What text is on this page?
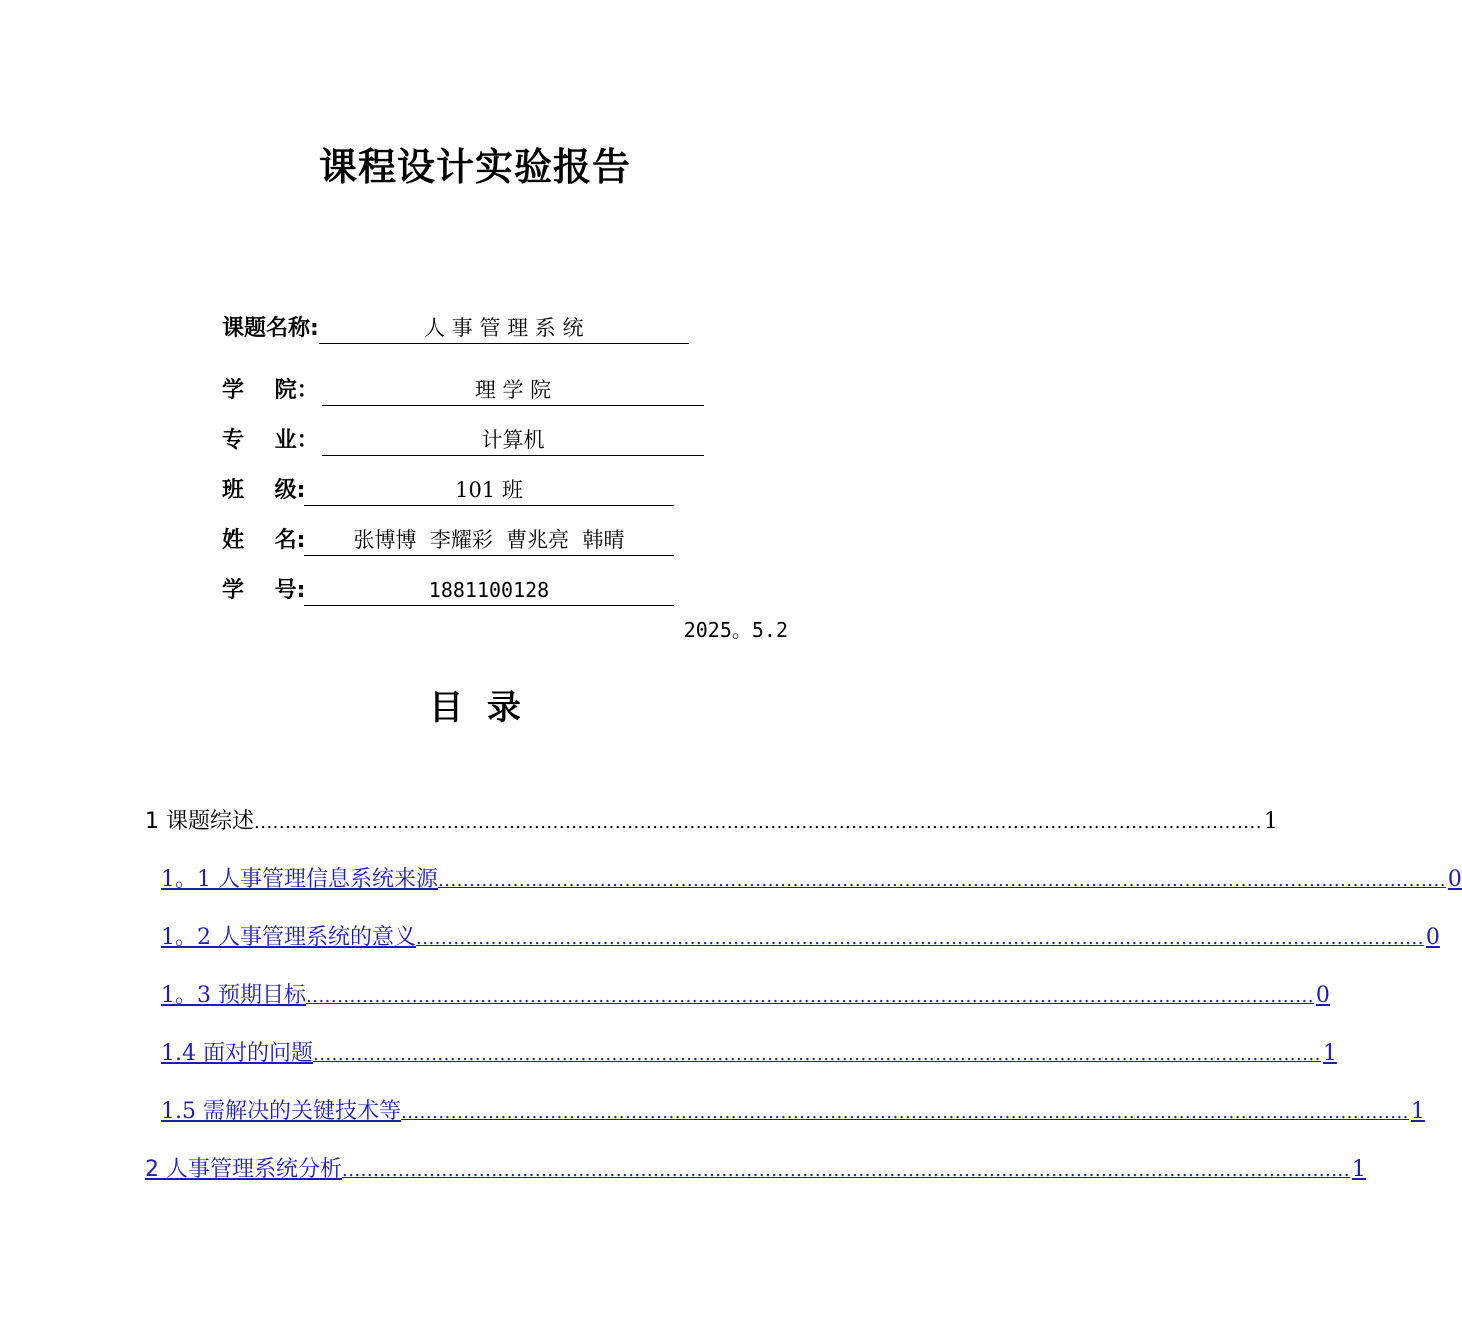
课程设计实验报告
课题名称:	人 事 管 理 系 统
学    院：	理 学 院
专    业：	计算机
班    级:	101 班
姓    名:	张博博  李耀彩  曹兆亮  韩晴
学    号:	1881100128
2025。5.2
目  录
1 课题综述 .................................................................................................................................................................. 1
1。1 人事管理信息系统来源 .................................................................................................................................................................. 0
1。2 人事管理系统的意义 .................................................................................................................................................................. 0
1。3 预期目标 .................................................................................................................................................................. 0
1.4 面对的问题 .................................................................................................................................................................. 1
1.5 需解决的关键技术等 .................................................................................................................................................................. 1
2 人事管理系统分析 .................................................................................................................................................................. 1
